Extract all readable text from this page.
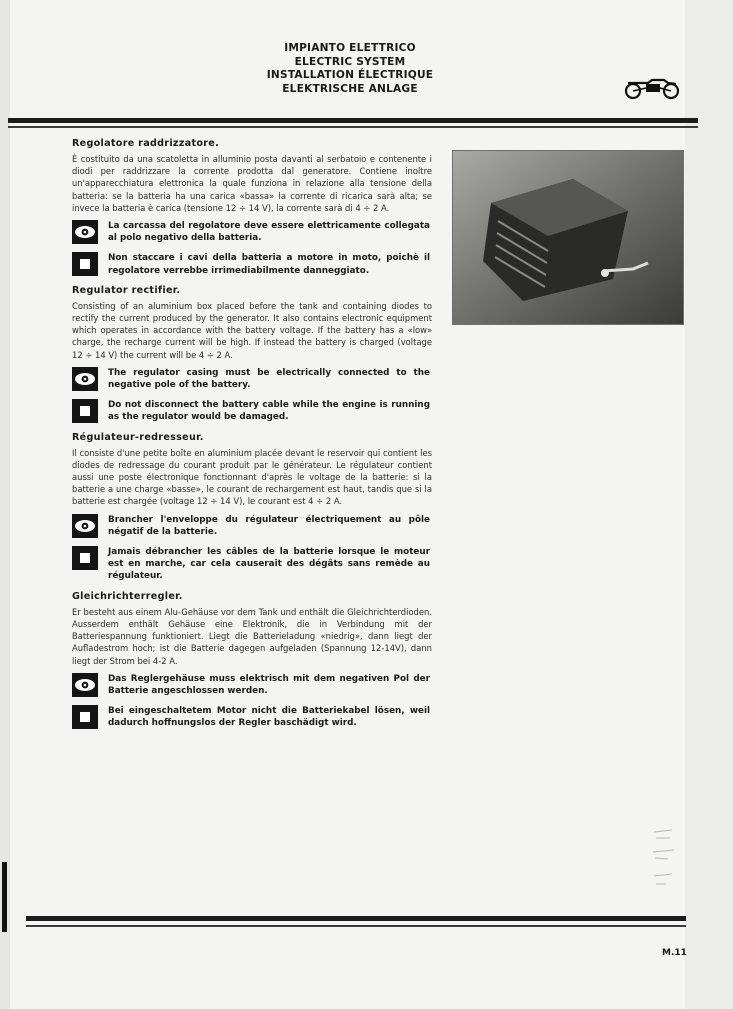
IMPIANTO ELETTRICO
ELECTRIC SYSTEM
INSTALLATION ÉLECTRIQUE
ELEKTRISCHE ANLAGE
Regolatore raddrizzatore.
È costituito da una scatoletta in alluminio posta davanti al serbatoio e contenente i diodi per raddrizzare la corrente prodotta dal generatore. Contiene inoltre un'apparecchiatura elettronica la quale funziona in relazione alla tensione della batteria: se la batteria ha una carica «bassa» la corrente di ricarica sarà alta; se invece la batteria è carica (tensione 12 ÷ 14 V), la corrente sarà di 4 ÷ 2 A.
La carcassa del regolatore deve essere elettricamente collegata al polo negativo della batteria.
Non staccare i cavi della batteria a motore in moto, poichè il regolatore verrebbe irrimediabilmente danneggiato.
Regulator rectifier.
Consisting of an aluminium box placed before the tank and containing diodes to rectify the current produced by the generator. It also contains electronic equipment which operates in accordance with the battery voltage. If the battery has a «low» charge, the recharge current will be high. If instead the battery is charged (voltage 12 ÷ 14 V) the current will be 4 ÷ 2 A.
The regulator casing must be electrically connected to the negative pole of the battery.
Do not disconnect the battery cable while the engine is running as the regulator would be damaged.
Régulateur-redresseur.
Il consiste d'une petite boîte en aluminium placée devant le reservoir qui contient les diodes de redressage du courant produit par le générateur. Le régulateur contient aussi une poste électronique fonctionnant d'après le voltage de la batterie: si la batterie a une charge «basse», le courant de rechargement est haut, tandis que si la batterie est chargée (voltage 12 ÷ 14 V), le courant est 4 ÷ 2 A.
Brancher l'enveloppe du régulateur électriquement au pôle négatif de la batterie.
Jamais débrancher les câbles de la batterie lorsque le moteur est en marche, car cela causerait des dégâts sans remède au régulateur.
Gleichrichterregler.
Er besteht aus einem Alu-Gehäuse vor dem Tank und enthält die Gleichrichterdioden. Ausserdem enthält Gehäuse eine Elektronik, die in Verbindung mit der Batteriespannung funktioniert. Liegt die Batterieladung «niedrig», dann liegt der Aufladestrom hoch; ist die Batterie dagegen aufgeladen (Spannung 12-14V), dann liegt der Strom bei 4-2 A.
Das Reglergehäuse muss elektrisch mit dem negativen Pol der Batterie angeschlossen werden.
Bei eingeschaltetem Motor nicht die Batteriekabel lösen, weil dadurch hoffnungslos der Regler baschädigt wird.
M.11
